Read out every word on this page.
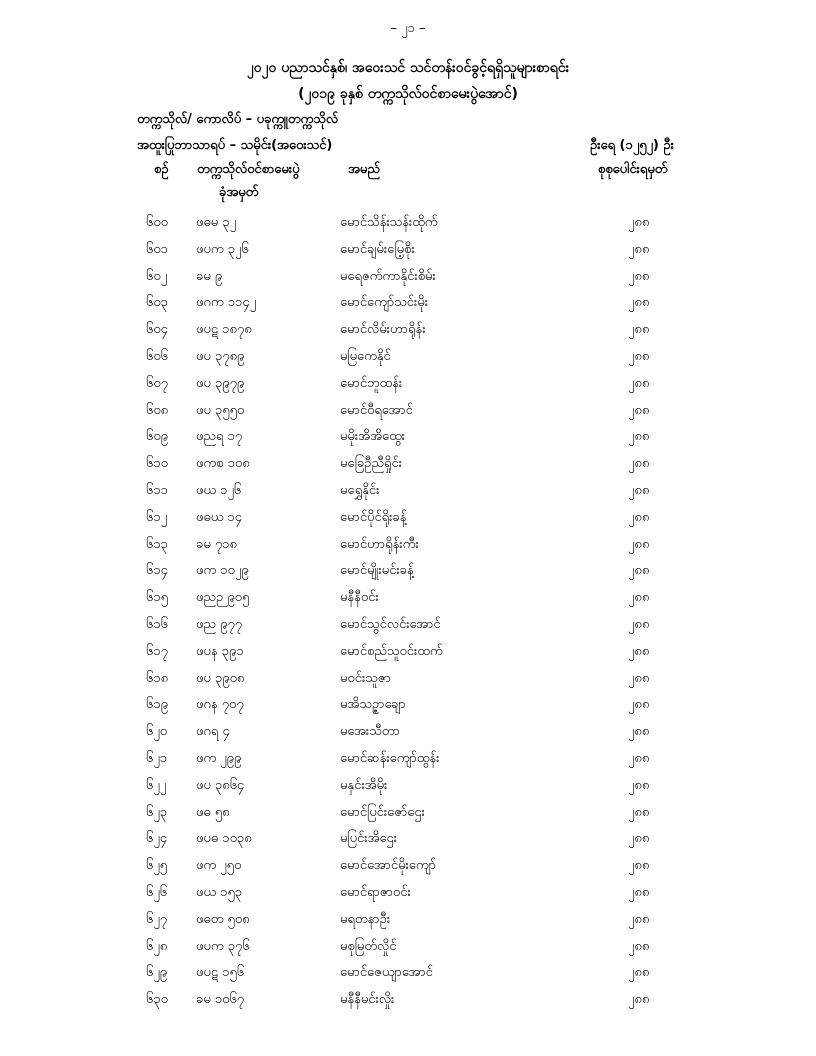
– ၂၁ –
၂၀၂၀ ပညာသင်နှစ်၊ အဝေးသင် သင်တန်းဝင်ခွင့်ရရှိသူများစာရင်း
(၂၀၁၉ ခုနှစ် တက္ကသိုလ်ဝင်စာမေးပွဲအောင်)
တက္ကသိုလ်/ ကောလိပ် – ပခုက္ကူတက္ကသိုလ်
အထူးပြုဘာသာရပ် – သမိုင်း(အဝေးသင်)	ဦးရေ (၁၂၅၂) ဦး
စဉ် တက္ကသိုလ်ဝင်စာမေးပွဲ
ခုံအမှတ်
အမည်	စုစုပေါင်းရမှတ်
၆၀၀ ဖဓမ ၃၂	မောင်သိန်းသန်းထိုက်	၂၈၈
၆၀၁ ဖပက ၃၂၆	မောင်ချမ်းမြေ့စိုး	၂၈၈
၆၀၂ ခမ ၉	မရေဇက်ကာနိုင်းစိမ်း	၂၈၈
၆၀၃ ဖဂက ၁၁၄၂	မောင်ကျော်သင်းမိုး	၂၈၈
၆၀၄ ဖပဋ ၁၈၇၈	မောင်လိမ်းဟာရိုန်း	၂၈၈
၆၀၆ ဖပ ၃၇၈၉	မမြကေနိုင်	၂၈၈
၆၀၇ ဖပ ၃၉၇၉	မောင်ဘူထန်း	၂၈၈
၆၀၈ ဖပ ၃၅၅၀	မောင်ဝီရအောင်	၂၈၈
၆၀၉ ဖညရ ၁၇	မမိုးအိအိထွေး	၂၈၈
၆၁၀ ဖကစ ၁၀၈	မခြေဦညီရှိုင်း	၂၈၈
၆၁၁ ဖယ ၁၂၆	မရွှေနိုင်း	၂၈၈
၆၁၂ ဖဓယ ၁၄	မောင်ပိုင်ရိုးခန့်	၂၈၈
၆၁၃ ခမ ၇၁၈	မောင်ဟာရိုန်းကီး	၂၈၈
၆၁၄ ဖက ၁၀၂၉	မောင်မျိုးမင်းခန့်	၂၈၈
၆၁၅ ဖညဉ ၉၀၅	မနီနီဝင်း	၂၈၈
၆၁၆ ဖည ၉၇၇	မောင်သွင်လင်းအောင်	၂၈၈
၆၁၇ ဖပန ၃၉၁	မောင်စည်သူဝင်းထက်	၂၈၈
၆၁၈ ဖပ ၃၉၀၈	မဝင်းသူဇာ	၂၈၈
၆၁၉ ဖဂန ၇၀၇	မအိသဥ္ဇာချော	၂၈၈
၆၂၀ ဖဂရ ၄	မအေးသီတာ	၂၈၈
၆၂၁ ဖက ၂၉၉	မောင်ဆန်းကျော်ထွန်း	၂၈၈
၆၂၂ ဖပ ၃၈၆၄	မနှင်းအိမိုး	၂၈၈
၆၂၃ ဖဓ ၅၈	မောင်ပြင်းဇော်ဌေး	၂၈၈
၆၂၄ ဖပဓ ၁၀၃၈	မပြင်းအိဌေး	၂၈၈
၆၂၅ ဖက ၂၅၀	မောင်အောင်မိုးကျော်	၂၈၈
၆၂၆ ဖယ ၁၅၃	မောင်ရာဇာဝင်း	၂၈၈
၆၂၇ ဖဓတ ၅၀၈	မရတနာဦး	၂၈၈
၆၂၈ ဖပက ၃၇၆	မစုမြတ်လှိုင်	၂၈၈
၆၂၉ ဖပဋ ၁၅၆	မောင်ဇေယျာအောင်	၂၈၈
၆၃၀ ခမ ၁၀၆၇	မနီနီမင်းလှိုး	၂၈၈
